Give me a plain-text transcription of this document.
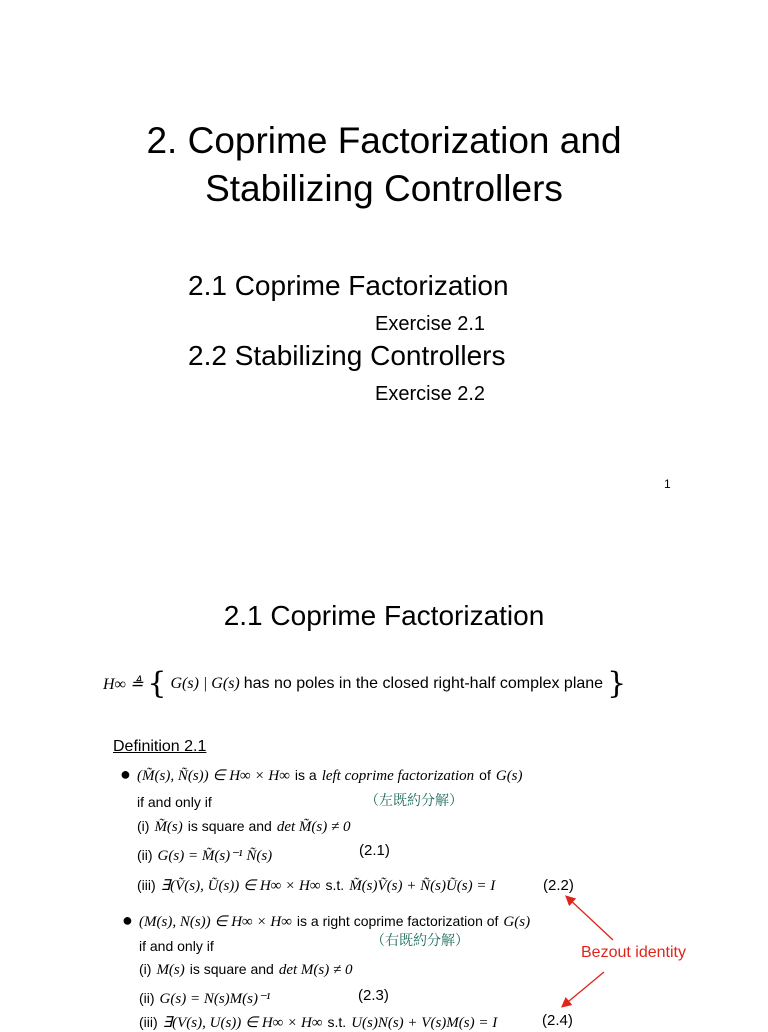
2. Coprime Factorization and
Stabilizing Controllers
2.1 Coprime Factorization
Exercise 2.1
2.2 Stabilizing Controllers
Exercise 2.2
1
2.1 Coprime Factorization
H∞ ≜ { G(s) | G(s) has no poles in the closed right-half complex plane }
Definition 2.1
● (M̃(s), Ñ(s)) ∈ H∞ × H∞ is a left coprime factorization of G(s)
if and only if	（左既約分解）
(i) M̃(s) is square and det M̃(s) ≠ 0
(ii) G(s) = M̃(s)⁻¹ Ñ(s)	(2.1)
(iii) ∃(Ṽ(s), Ũ(s)) ∈ H∞ × H∞ s.t. M̃(s)Ṽ(s) + Ñ(s)Ũ(s) = I	(2.2)
● (M(s), N(s)) ∈ H∞ × H∞ is a right coprime factorization of G(s)
if and only if	（右既約分解）
(i) M(s) is square and det M(s) ≠ 0
(ii) G(s) = N(s)M(s)⁻¹	(2.3)
(iii) ∃(V(s), U(s)) ∈ H∞ × H∞ s.t. U(s)N(s) + V(s)M(s) = I	(2.4)
Bezout identity
